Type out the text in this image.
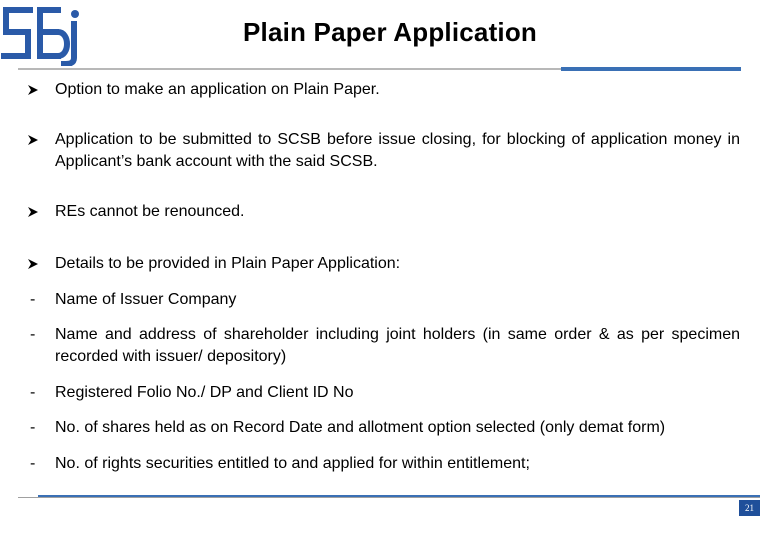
Plain Paper Application
Option to make an application on Plain Paper.
Application to be submitted to SCSB before issue closing, for blocking of application money in Applicant’s bank account with the said SCSB.
REs cannot be renounced.
Details to be provided in Plain Paper Application:
-	Name of Issuer Company
-	Name and address of shareholder including joint holders (in same order & as per specimen recorded with issuer/ depository)
-	Registered Folio No./ DP and Client ID No
-	No. of shares held as on Record Date and allotment option selected (only demat form)
-	No. of rights securities entitled to and applied for within entitlement;
21
